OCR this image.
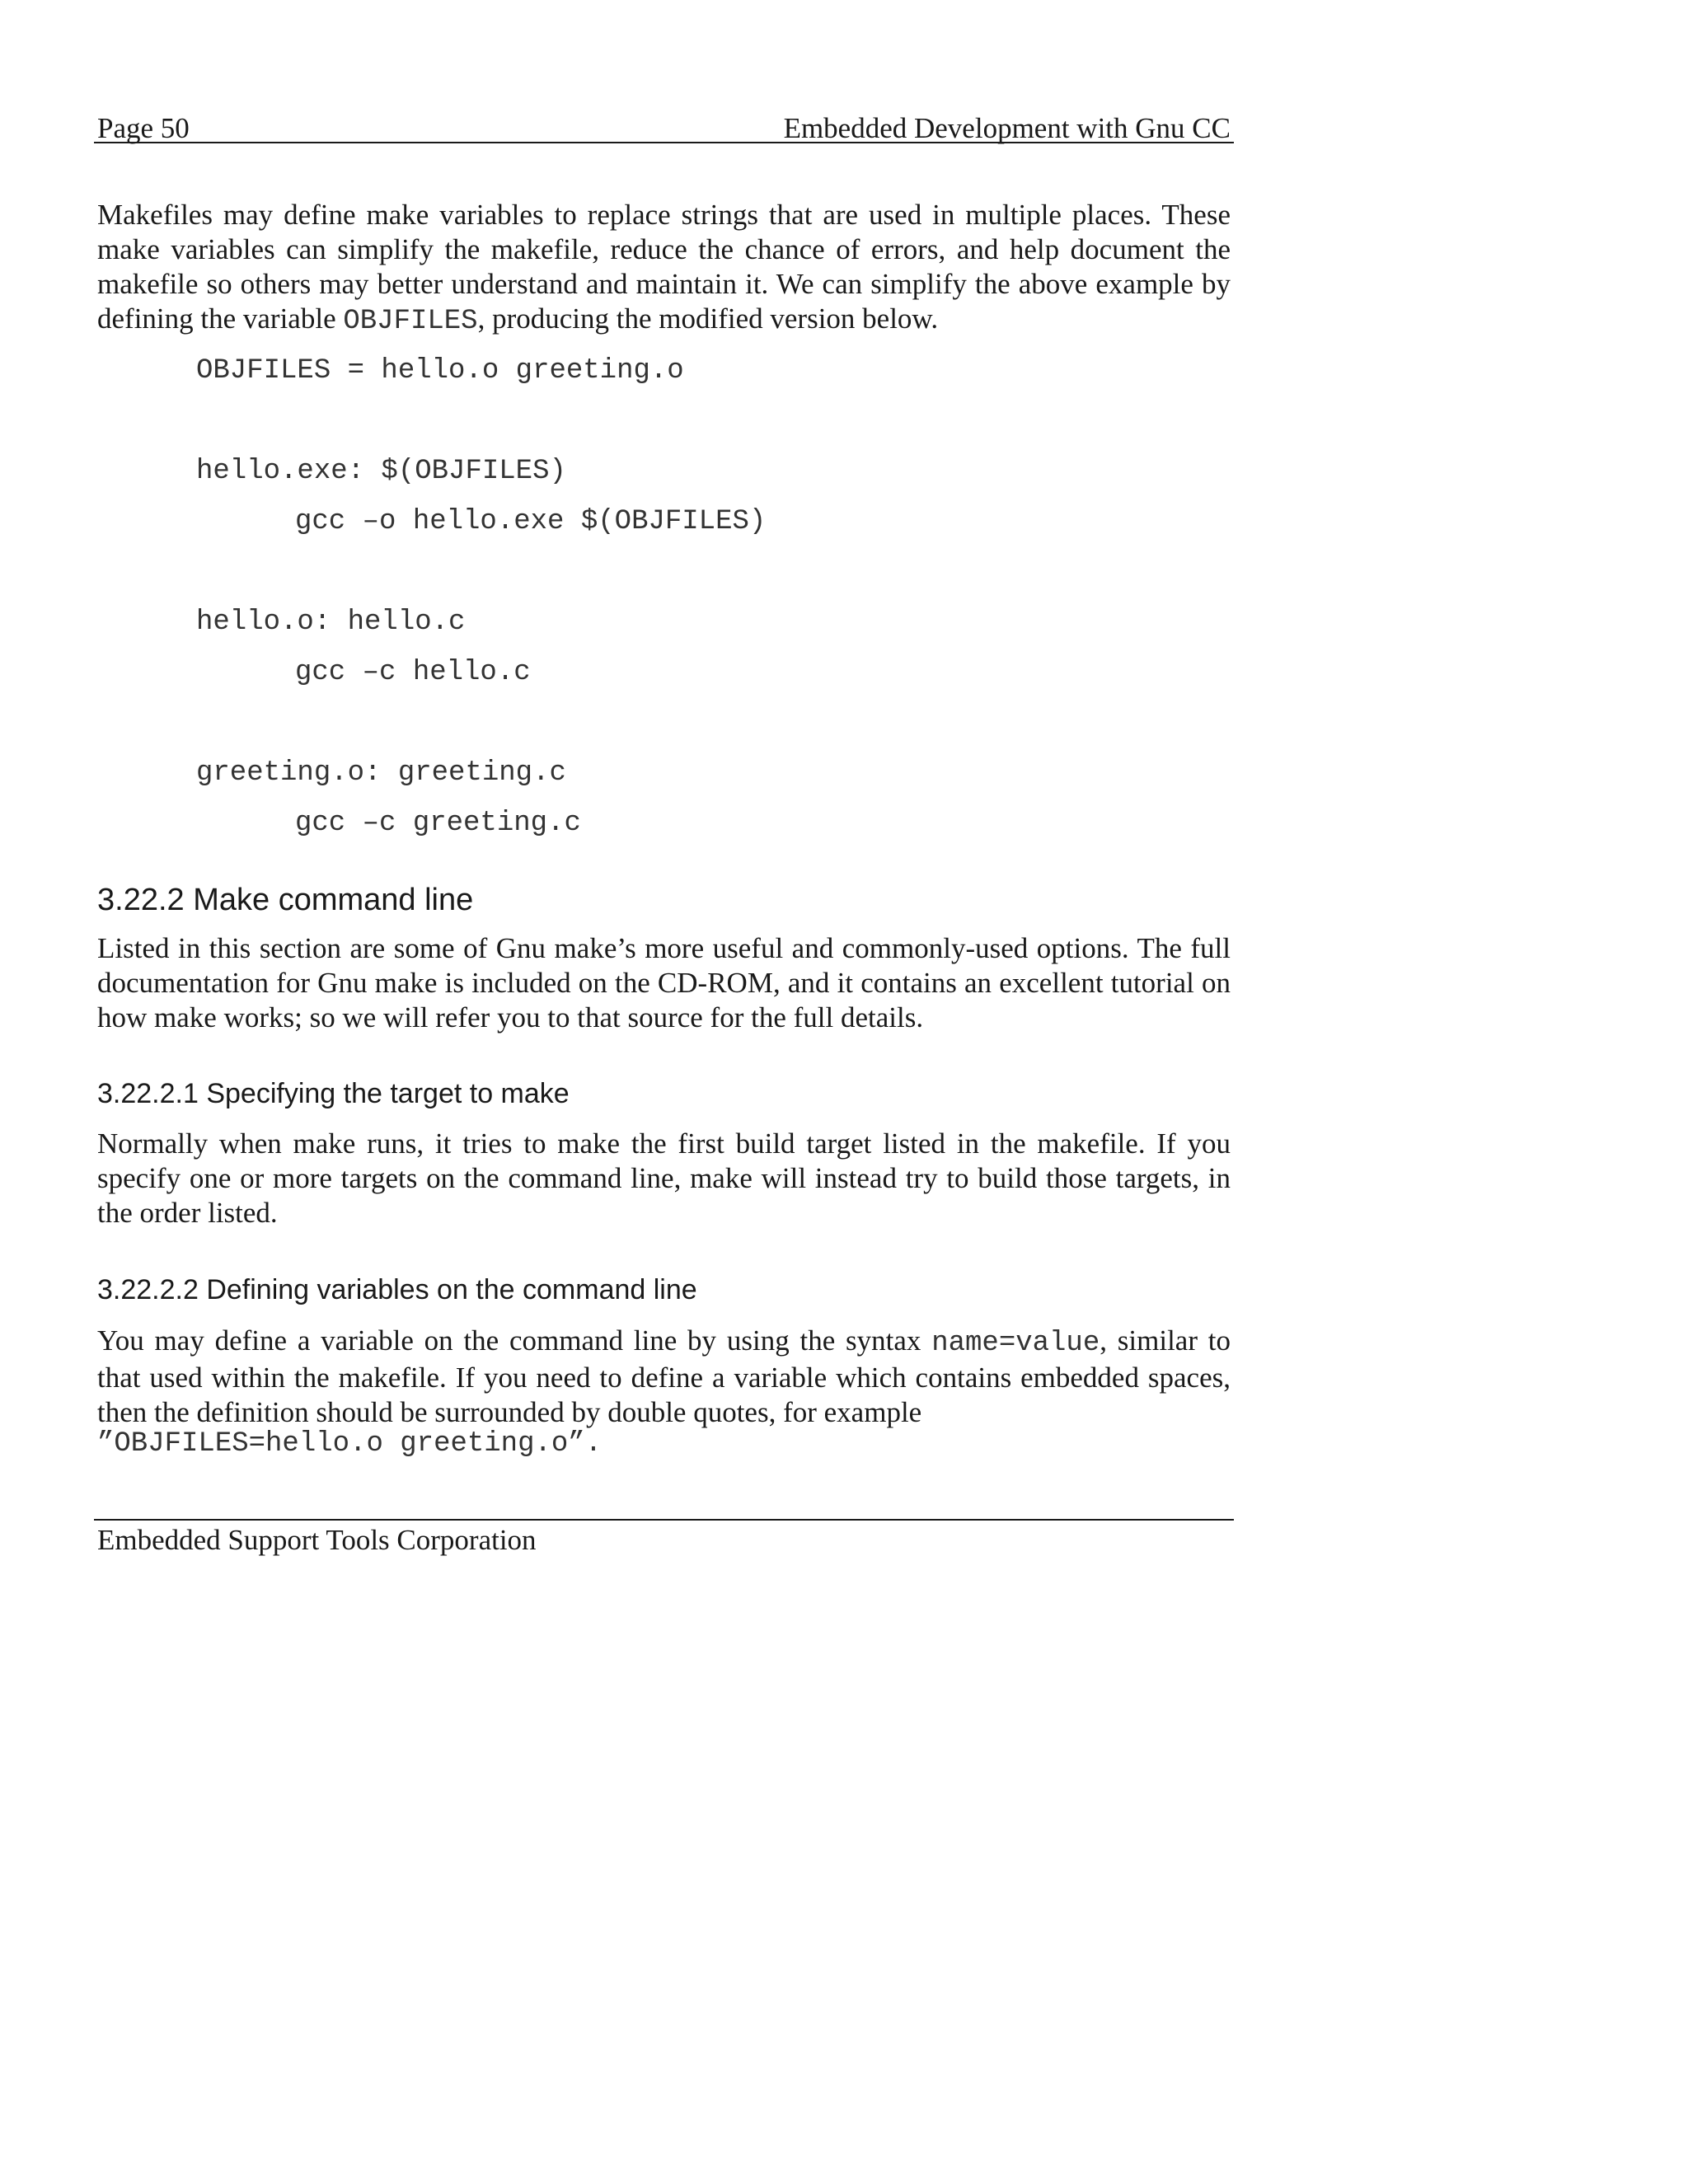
Page 50	Embedded Development with Gnu CC
Makefiles may define make variables to replace strings that are used in multiple places. These make variables can simplify the makefile, reduce the chance of errors, and help document the makefile so others may better understand and maintain it. We can simplify the above example by defining the variable OBJFILES, producing the modified version below.
OBJFILES = hello.o greeting.o
hello.exe: $(OBJFILES)
gcc –o hello.exe $(OBJFILES)
hello.o: hello.c
gcc –c hello.c
greeting.o: greeting.c
gcc –c greeting.c
3.22.2 Make command line
Listed in this section are some of Gnu make’s more useful and commonly-used options. The full documentation for Gnu make is included on the CD-ROM, and it contains an excellent tutorial on how make works; so we will refer you to that source for the full details.
3.22.2.1 Specifying the target to make
Normally when make runs, it tries to make the first build target listed in the makefile. If you specify one or more targets on the command line, make will instead try to build those targets, in the order listed.
3.22.2.2 Defining variables on the command line
You may define a variable on the command line by using the syntax name=value, similar to that used within the makefile. If you need to define a variable which contains embedded spaces, then the definition should be surrounded by double quotes, for example
”OBJFILES=hello.o greeting.o”.
Embedded Support Tools Corporation
